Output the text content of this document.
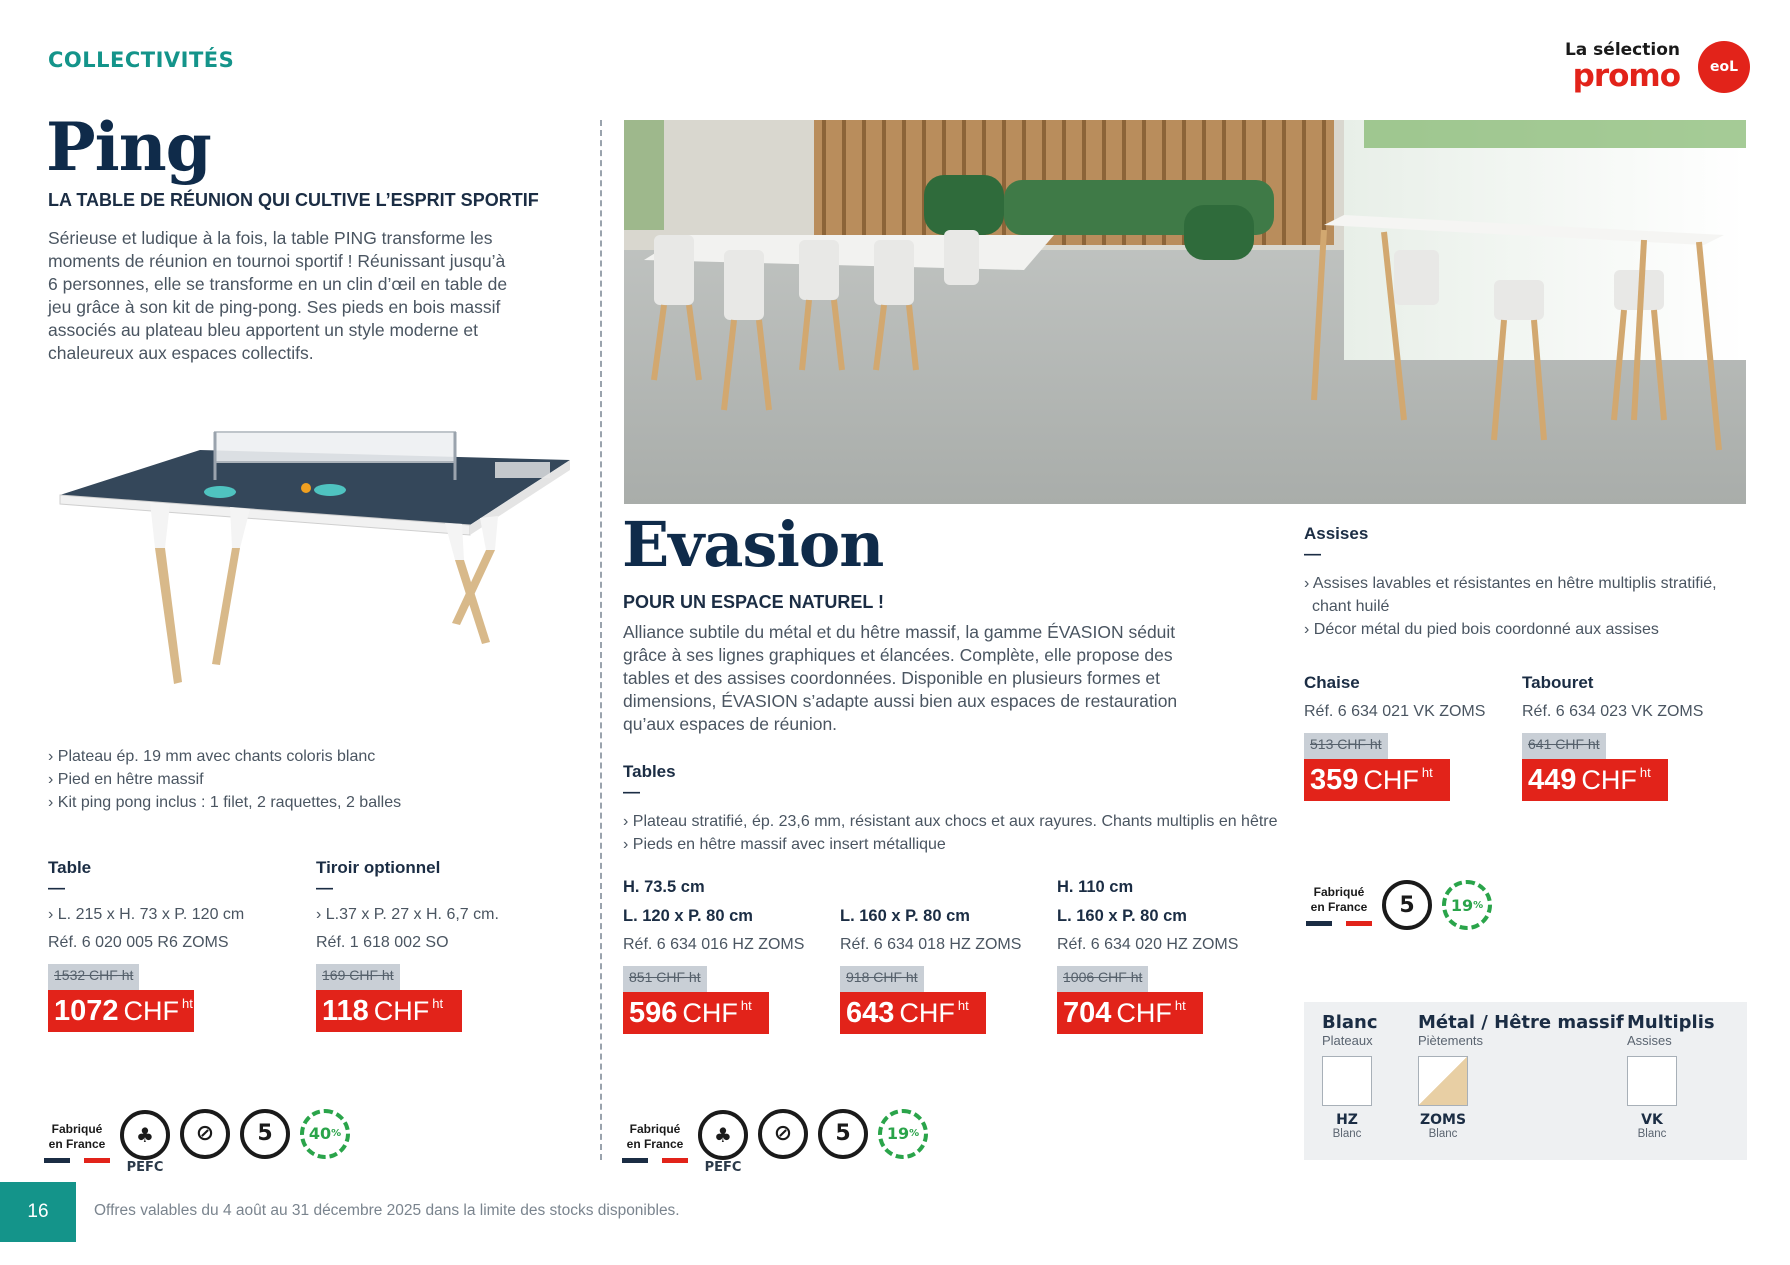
COLLECTIVITÉS	La sélection
promo	eoL
Ping
LA TABLE DE RÉUNION QUI CULTIVE L’ESPRIT SPORTIF
Sérieuse et ludique à la fois, la table PING transforme les
moments de réunion en tournoi sportif ! Réunissant jusqu’à
6 personnes, elle se transforme en un clin d’œil en table de
jeu grâce à son kit de ping-pong. Ses pieds en bois massif
associés au plateau bleu apportent un style moderne et
chaleureux aux espaces collectifs.
› Plateau ép. 19 mm avec chants coloris blanc
› Pied en hêtre massif
› Kit ping pong inclus : 1 filet, 2 raquettes, 2 balles
Table
—
› L. 215 x H. 73 x P. 120 cm
Réf. 6 020 005 R6 ZOMS
1532 CHF ht
1072 CHF ht
Tiroir optionnel
—
› L.37 x P. 27 x H. 6,7 cm.
Réf. 1 618 002 SO
169 CHF ht
118 CHF ht
Fabriqué
en France	♣
PEFC
⊘	5	40 %
Evasion
POUR UN ESPACE NATUREL !
Alliance subtile du métal et du hêtre massif, la gamme ÉVASION séduit
grâce à ses lignes graphiques et élancées. Complète, elle propose des
tables et des assises coordonnées. Disponible en plusieurs formes et
dimensions, ÉVASION s’adapte aussi bien aux espaces de restauration
qu’aux espaces de réunion.
Tables
—
› Plateau stratifié, ép. 23,6 mm, résistant aux chocs et aux rayures. Chants multiplis en hêtre
› Pieds en hêtre massif avec insert métallique
H. 73.5 cm	H. 110 cm
L. 120 x P. 80 cm
Réf. 6 634 016 HZ ZOMS
851 CHF ht
596 CHF ht
L. 160 x P. 80 cm
Réf. 6 634 018 HZ ZOMS
918 CHF ht
643 CHF ht
L. 160 x P. 80 cm
Réf. 6 634 020 HZ ZOMS
1006 CHF ht
704 CHF ht
Fabriqué
en France	♣
PEFC
⊘	5	19 %
Assises
—
› Assises lavables et résistantes en hêtre multiplis stratifié,
chant huilé
› Décor métal du pied bois coordonné aux assises
Chaise
Réf. 6 634 021 VK ZOMS
513 CHF ht
359 CHF ht
Tabouret
Réf. 6 634 023 VK ZOMS
641 CHF ht
449 CHF ht
Fabriqué
en France	5	19 %
Blanc
Plateaux
HZ
Blanc
Métal / Hêtre massif
Piètements
ZOMS
Blanc
Multiplis
Assises
VK
Blanc
16	Offres valables du 4 août au 31 décembre 2025 dans la limite des stocks disponibles.
